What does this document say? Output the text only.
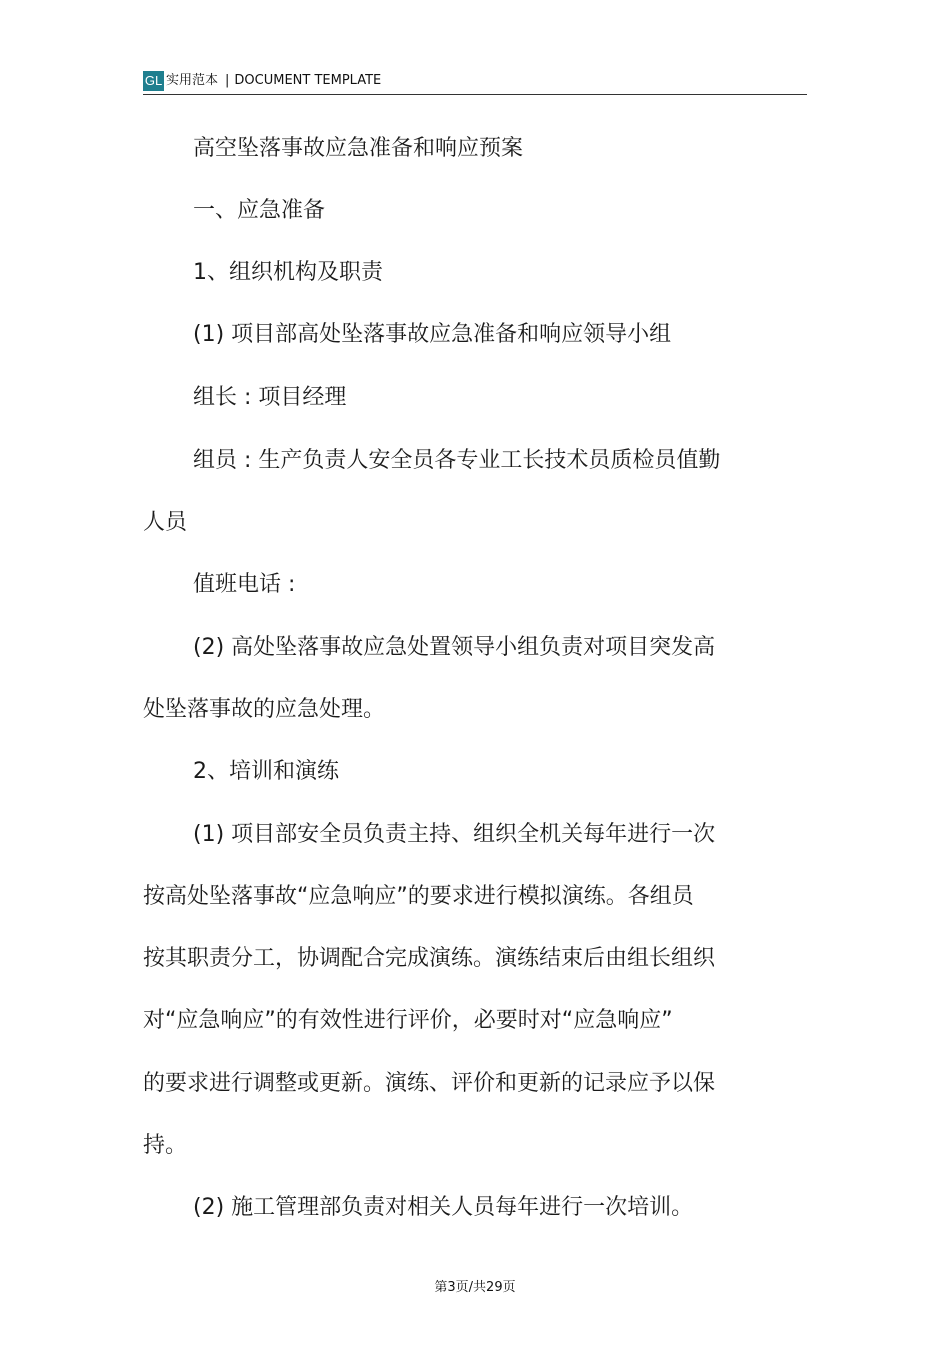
GL 实用范本 | DOCUMENT TEMPLATE
高空坠落事故应急准备和响应预案
一、应急准备
1、组织机构及职责
(1) 项目部高处坠落事故应急准备和响应领导小组
组长 : 项目经理
组员 : 生产负责人安全员各专业工长技术员质检员值勤
人员
值班电话 :
(2) 高处坠落事故应急处置领导小组负责对项目突发高
处坠落事故的应急处理。
2、培训和演练
(1) 项目部安全员负责主持、组织全机关每年进行一次
按高处坠落事故“应急响应”的要求进行模拟演练。各组员
按其职责分工，协调配合完成演练。演练结束后由组长组织
对“应急响应”的有效性进行评价，必要时对“应急响应”
的要求进行调整或更新。演练、评价和更新的记录应予以保
持。
(2) 施工管理部负责对相关人员每年进行一次培训。
第3页/共29页
